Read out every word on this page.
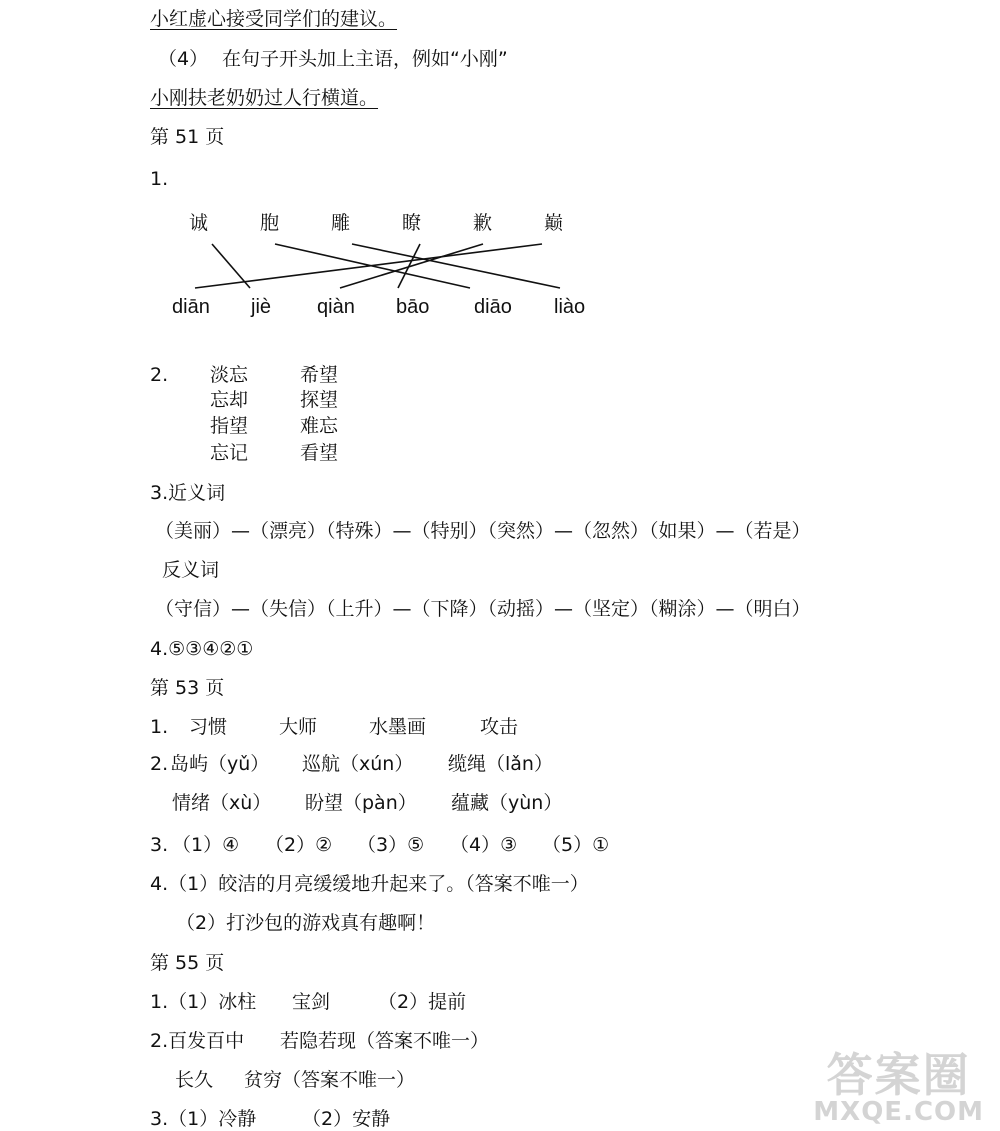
小红虚心接受同学们的建议。
（4） 在句子开头加上主语，例如“小刚”
小刚扶老奶奶过人行横道。
第 51 页
1.
诚	胞	雕	瞭	歉	巅
diān jiè qiàn bāo diāo liào
2. 淡忘	希望
忘却	探望
指望	难忘
忘记	看望
3.近义词
（美丽）—（漂亮）（特殊）—（特别）（突然）—（忽然）（如果）—（若是）
反义词
（守信）—（失信）（上升）—（下降）（动摇）—（坚定）（糊涂）—（明白）
4.⑤③④②①
第 53 页
1. 习惯	大师	水墨画	攻击
2. 岛屿（yǔ） 巡航（xún） 缆绳（lǎn）
情绪（xù） 盼望（pàn） 蕴藏（yùn）
3. （1）④ （2）② （3）⑤ （4）③ （5）①
4.（1）皎洁的月亮缓缓地升起来了。（答案不唯一）
（2）打沙包的游戏真有趣啊！
第 55 页
1.（1）冰柱 宝剑	（2）提前
2.百发百中 若隐若现（答案不唯一）
长久 贫穷（答案不唯一）
3.（1）冷静 （2）安静
答案圈
MXQE.COM
